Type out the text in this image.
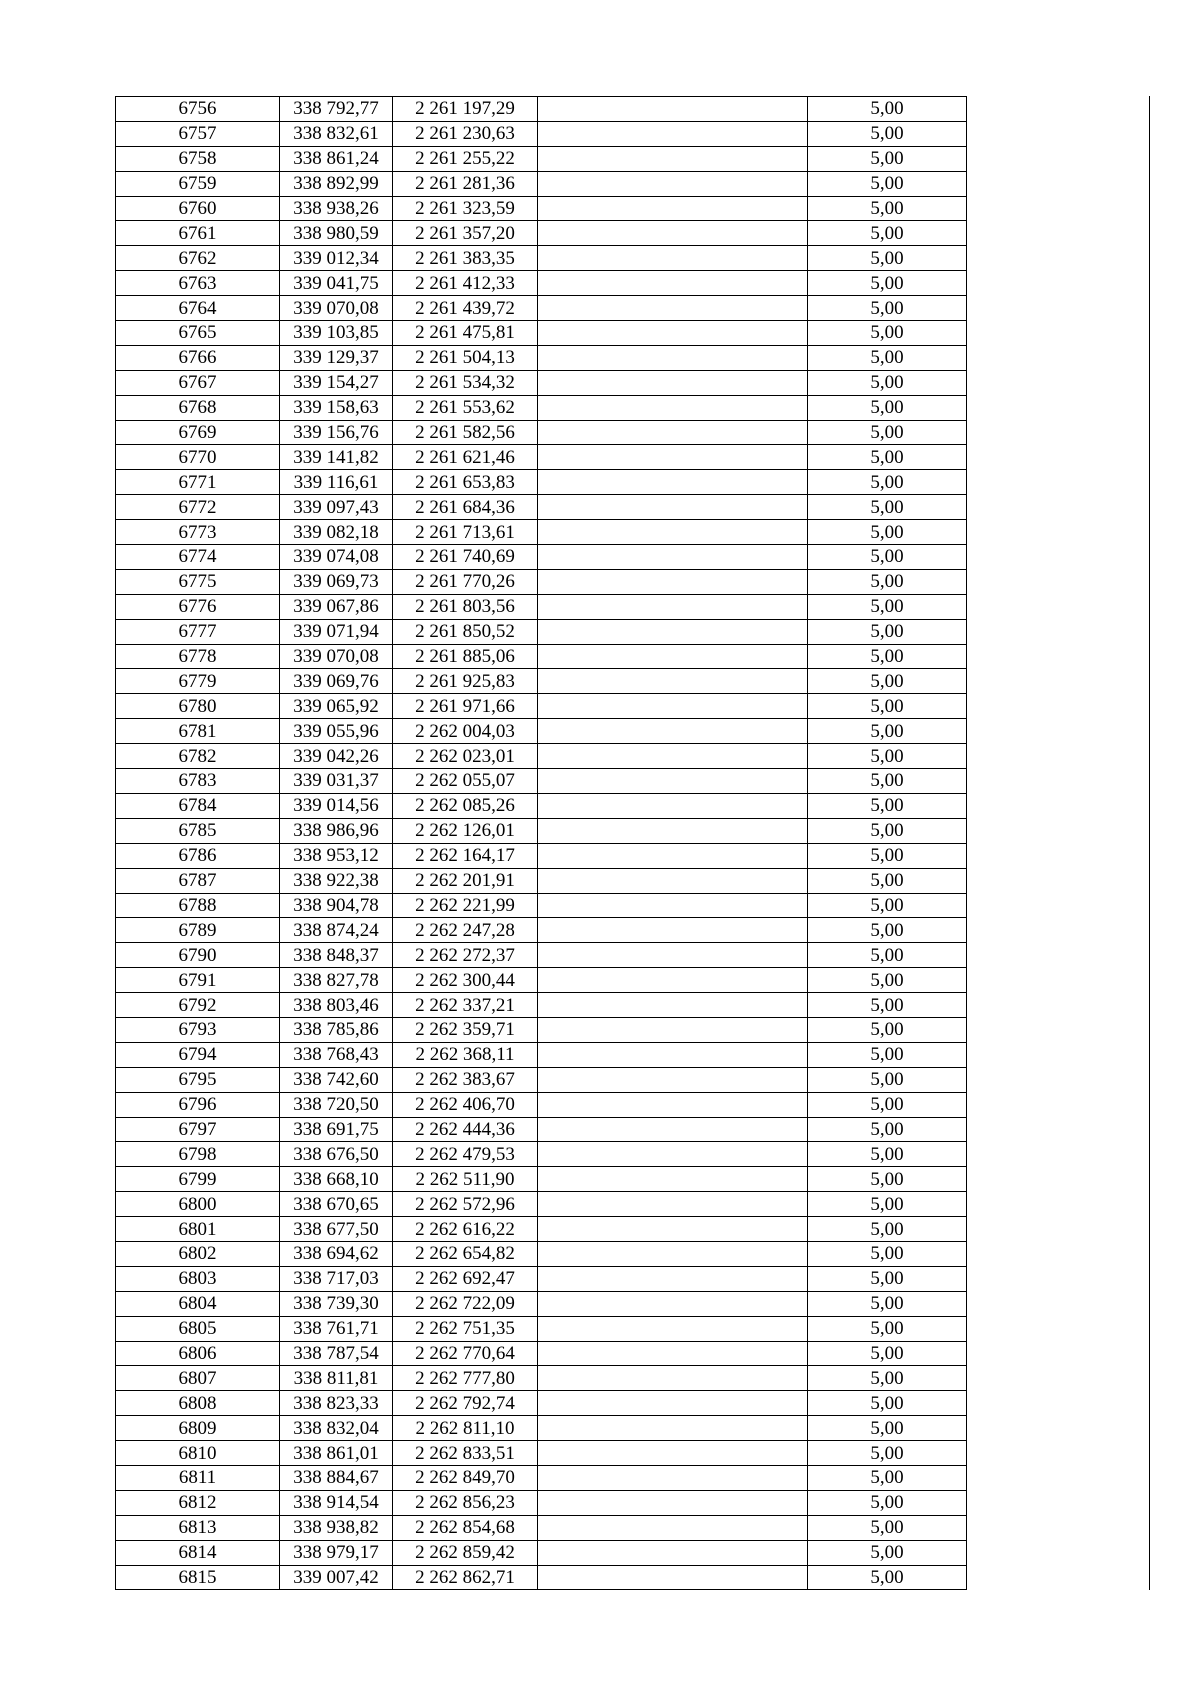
6756	338 792,77	2 261 197,29		5,00	
6757	338 832,61	2 261 230,63		5,00	
6758	338 861,24	2 261 255,22		5,00	
6759	338 892,99	2 261 281,36		5,00	
6760	338 938,26	2 261 323,59		5,00	
6761	338 980,59	2 261 357,20		5,00	
6762	339 012,34	2 261 383,35		5,00	
6763	339 041,75	2 261 412,33		5,00	
6764	339 070,08	2 261 439,72		5,00	
6765	339 103,85	2 261 475,81		5,00	
6766	339 129,37	2 261 504,13		5,00	
6767	339 154,27	2 261 534,32		5,00	
6768	339 158,63	2 261 553,62		5,00	
6769	339 156,76	2 261 582,56		5,00	
6770	339 141,82	2 261 621,46		5,00	
6771	339 116,61	2 261 653,83		5,00	
6772	339 097,43	2 261 684,36		5,00	
6773	339 082,18	2 261 713,61		5,00	
6774	339 074,08	2 261 740,69		5,00	
6775	339 069,73	2 261 770,26		5,00	
6776	339 067,86	2 261 803,56		5,00	
6777	339 071,94	2 261 850,52		5,00	
6778	339 070,08	2 261 885,06		5,00	
6779	339 069,76	2 261 925,83		5,00	
6780	339 065,92	2 261 971,66		5,00	
6781	339 055,96	2 262 004,03		5,00	
6782	339 042,26	2 262 023,01		5,00	
6783	339 031,37	2 262 055,07		5,00	
6784	339 014,56	2 262 085,26		5,00	
6785	338 986,96	2 262 126,01		5,00	
6786	338 953,12	2 262 164,17		5,00	
6787	338 922,38	2 262 201,91		5,00	
6788	338 904,78	2 262 221,99		5,00	
6789	338 874,24	2 262 247,28		5,00	
6790	338 848,37	2 262 272,37		5,00	
6791	338 827,78	2 262 300,44		5,00	
6792	338 803,46	2 262 337,21		5,00	
6793	338 785,86	2 262 359,71		5,00	
6794	338 768,43	2 262 368,11		5,00	
6795	338 742,60	2 262 383,67		5,00	
6796	338 720,50	2 262 406,70		5,00	
6797	338 691,75	2 262 444,36		5,00	
6798	338 676,50	2 262 479,53		5,00	
6799	338 668,10	2 262 511,90		5,00	
6800	338 670,65	2 262 572,96		5,00	
6801	338 677,50	2 262 616,22		5,00	
6802	338 694,62	2 262 654,82		5,00	
6803	338 717,03	2 262 692,47		5,00	
6804	338 739,30	2 262 722,09		5,00	
6805	338 761,71	2 262 751,35		5,00	
6806	338 787,54	2 262 770,64		5,00	
6807	338 811,81	2 262 777,80		5,00	
6808	338 823,33	2 262 792,74		5,00	
6809	338 832,04	2 262 811,10		5,00	
6810	338 861,01	2 262 833,51		5,00	
6811	338 884,67	2 262 849,70		5,00	
6812	338 914,54	2 262 856,23		5,00	
6813	338 938,82	2 262 854,68		5,00	
6814	338 979,17	2 262 859,42		5,00	
6815	339 007,42	2 262 862,71		5,00	
